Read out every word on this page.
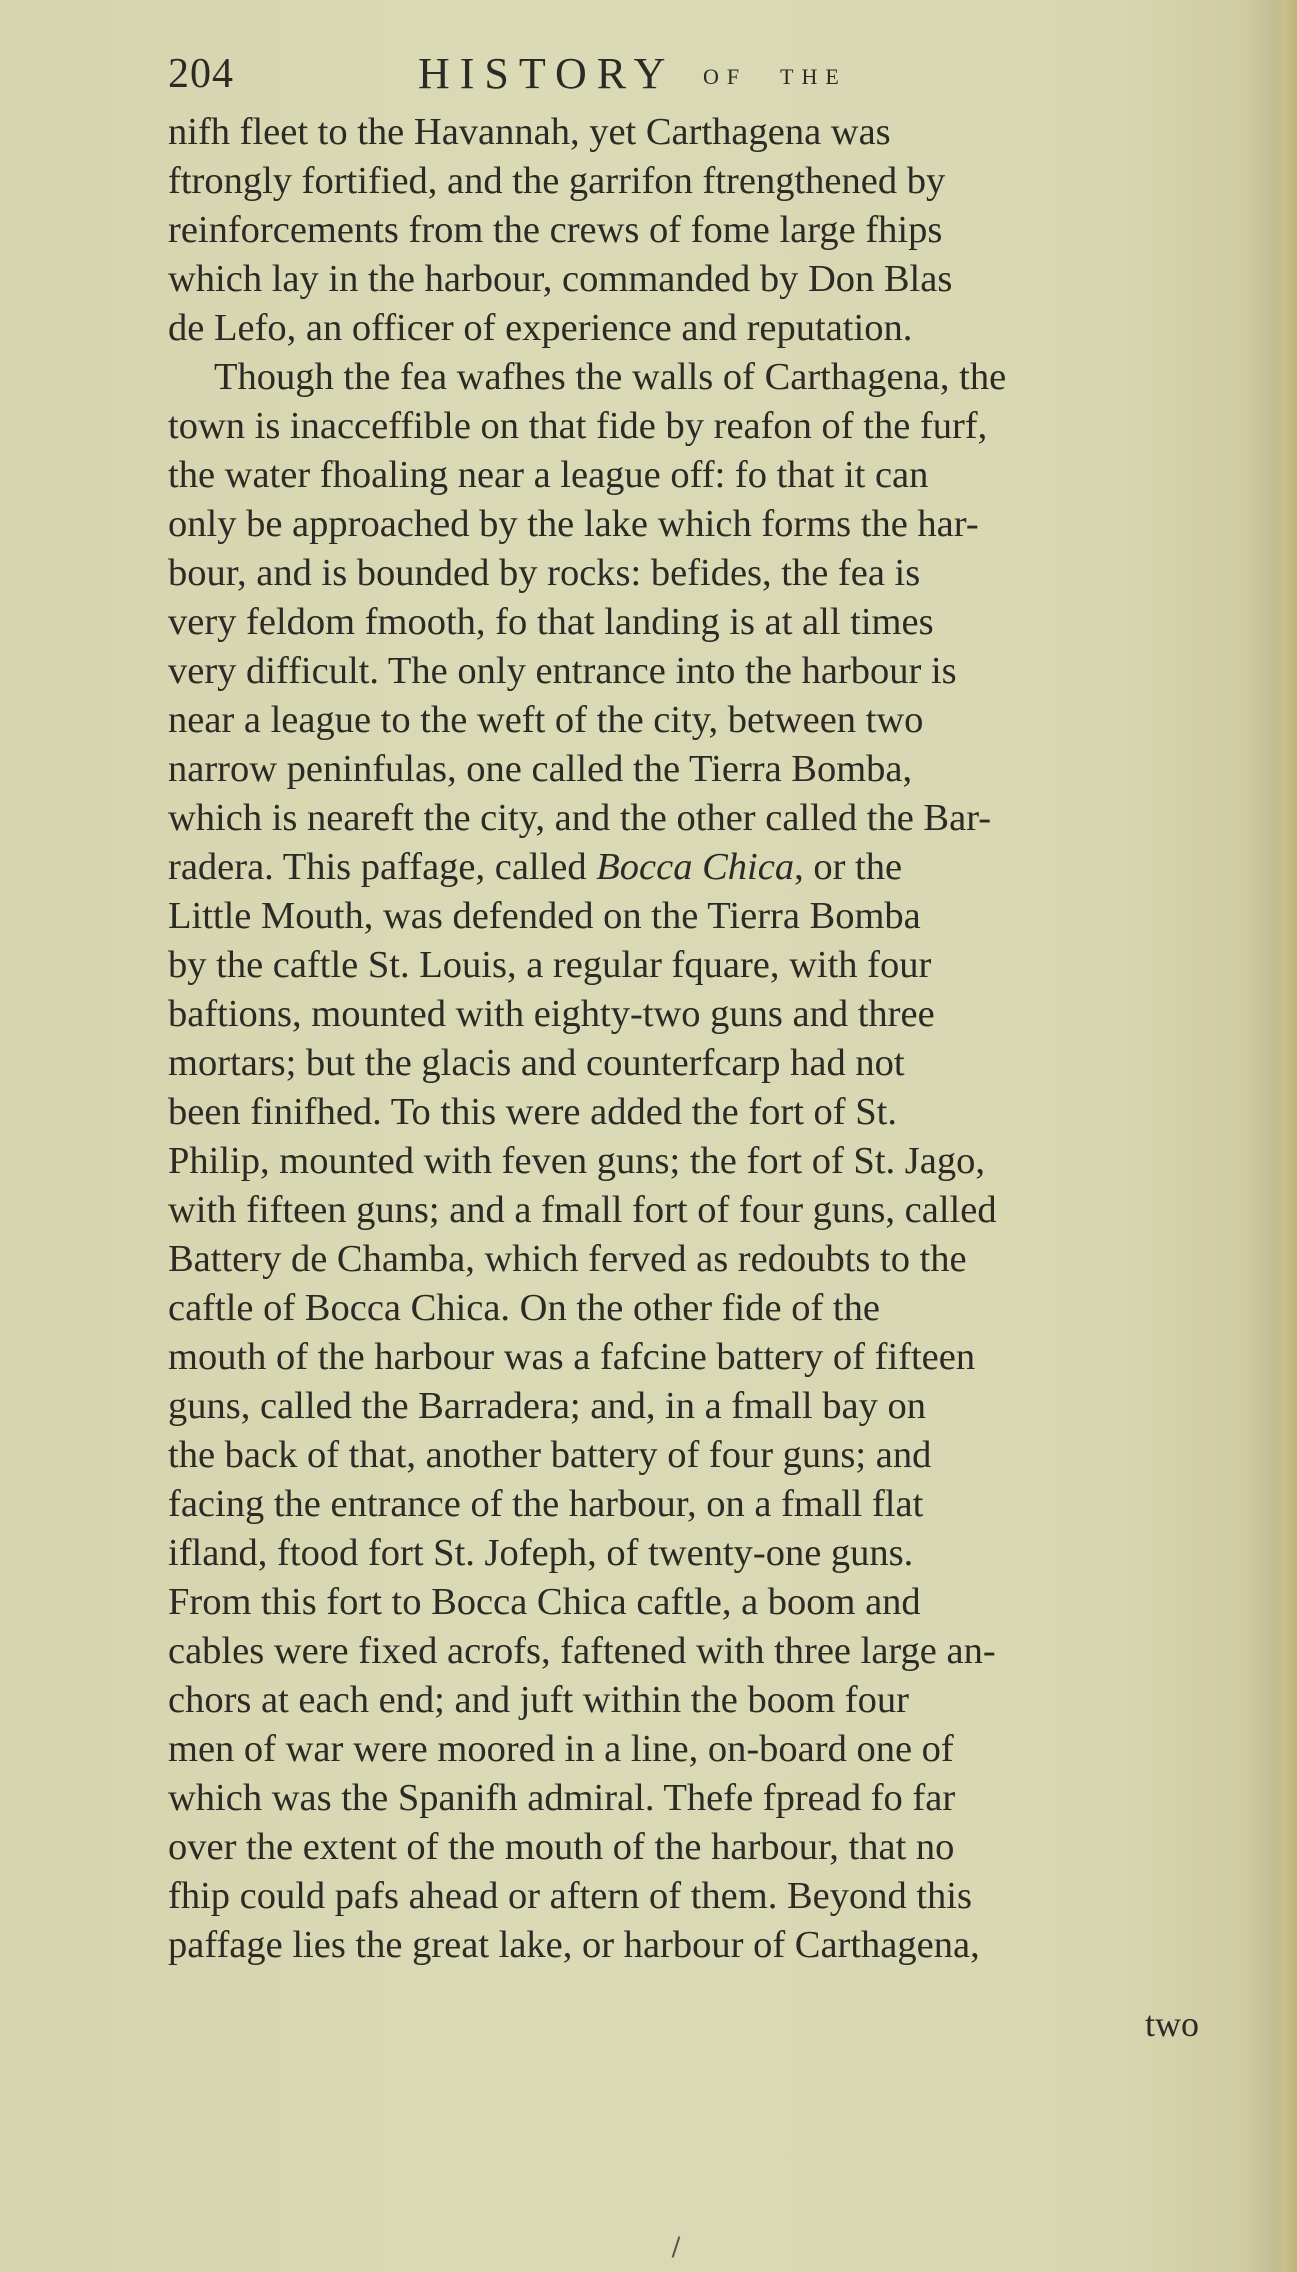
204	HISTORY OF THE
nifh fleet to the Havannah, yet Carthagena was
ftrongly fortified, and the garrifon ftrengthened by
reinforcements from the crews of fome large fhips
which lay in the harbour, commanded by Don Blas
de Lefo, an officer of experience and reputation.
Though the fea wafhes the walls of Carthagena, the
town is inacceffible on that fide by reafon of the furf,
the water fhoaling near a league off: fo that it can
only be approached by the lake which forms the har-
bour, and is bounded by rocks: befides, the fea is
very feldom fmooth, fo that landing is at all times
very difficult. The only entrance into the harbour is
near a league to the weft of the city, between two
narrow peninfulas, one called the Tierra Bomba,
which is neareft the city, and the other called the Bar-
radera. This paffage, called Bocca Chica, or the
Little Mouth, was defended on the Tierra Bomba
by the caftle St. Louis, a regular fquare, with four
baftions, mounted with eighty-two guns and three
mortars; but the glacis and counterfcarp had not
been finifhed. To this were added the fort of St.
Philip, mounted with feven guns; the fort of St. Jago,
with fifteen guns; and a fmall fort of four guns, called
Battery de Chamba, which ferved as redoubts to the
caftle of Bocca Chica. On the other fide of the
mouth of the harbour was a fafcine battery of fifteen
guns, called the Barradera; and, in a fmall bay on
the back of that, another battery of four guns; and
facing the entrance of the harbour, on a fmall flat
ifland, ftood fort St. Jofeph, of twenty-one guns.
From this fort to Bocca Chica caftle, a boom and
cables were fixed acrofs, faftened with three large an-
chors at each end; and juft within the boom four
men of war were moored in a line, on-board one of
which was the Spanifh admiral. Thefe fpread fo far
over the extent of the mouth of the harbour, that no
fhip could pafs ahead or aftern of them. Beyond this
paffage lies the great lake, or harbour of Carthagena,
two
